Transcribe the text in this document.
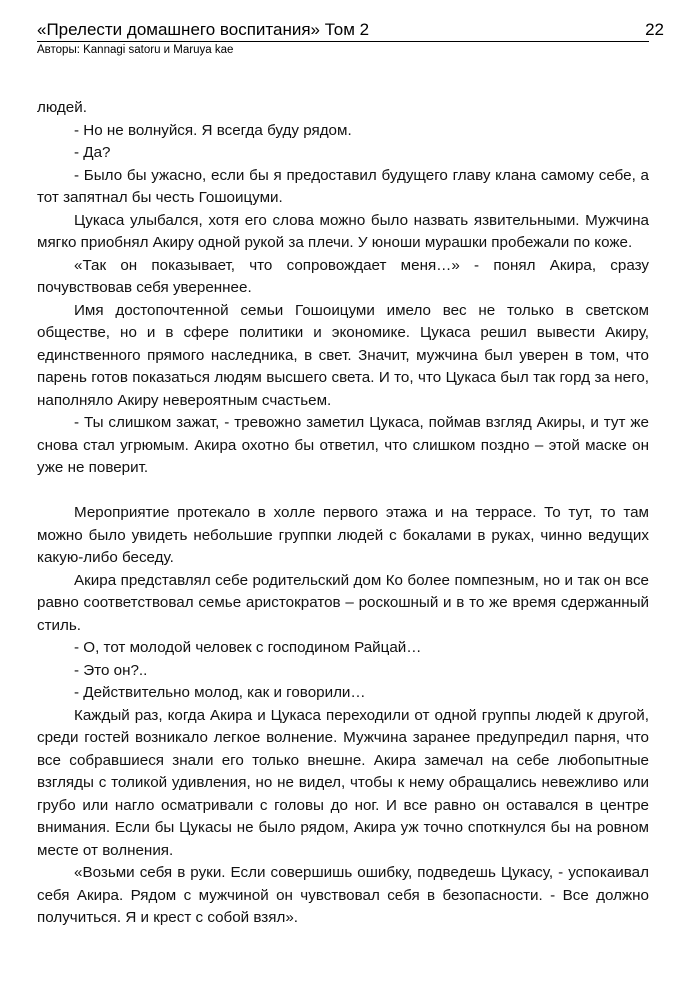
«Прелести домашнего воспитания» Том 2
Авторы: Kannagi satoru и Maruya kae
22

людей.

- Но не волнуйся. Я всегда буду рядом.

- Да?

- Было бы ужасно, если бы я предоставил будущего главу клана самому себе, а тот запятнал бы честь Гошоицуми.

Цукаса улыбался, хотя его слова можно было назвать язвительными. Мужчина мягко приобнял Акиру одной рукой за плечи. У юноши мурашки пробежали по коже.

«Так он показывает, что сопровождает меня…» - понял Акира, сразу почувствовав себя увереннее.

Имя достопочтенной семьи Гошоицуми имело вес не только в светском обществе, но и в сфере политики и экономике. Цукаса решил вывести Акиру, единственного прямого наследника, в свет. Значит, мужчина был уверен в том, что парень готов показаться людям высшего света. И то, что Цукаса был так горд за него, наполняло Акиру невероятным счастьем.

- Ты слишком зажат, - тревожно заметил Цукаса, поймав взгляд Акиры, и тут же снова стал угрюмым. Акира охотно бы ответил, что слишком поздно – этой маске он уже не поверит.

Мероприятие протекало в холле первого этажа и на террасе. То тут, то там можно было увидеть небольшие группки людей с бокалами в руках, чинно ведущих какую-либо беседу.

Акира представлял себе родительский дом Ко более помпезным, но и так он все равно соответствовал семье аристократов – роскошный и в то же время сдержанный стиль.

- О, тот молодой человек с господином Райцай…

- Это он?..

- Действительно молод, как и говорили…

Каждый раз, когда Акира и Цукаса переходили от одной группы людей к другой, среди гостей возникало легкое волнение. Мужчина заранее предупредил парня, что все собравшиеся знали его только внешне. Акира замечал на себе любопытные взгляды с толикой удивления, но не видел, чтобы к нему обращались невежливо или грубо или нагло осматривали с головы до ног. И все равно он оставался в центре внимания. Если бы Цукасы не было рядом, Акира уж точно споткнулся бы на ровном месте от волнения.

«Возьми себя в руки. Если совершишь ошибку, подведешь Цукасу, - успокаивал себя Акира. Рядом с мужчиной он чувствовал себя в безопасности. - Все должно получиться. Я и крест с собой взял».
